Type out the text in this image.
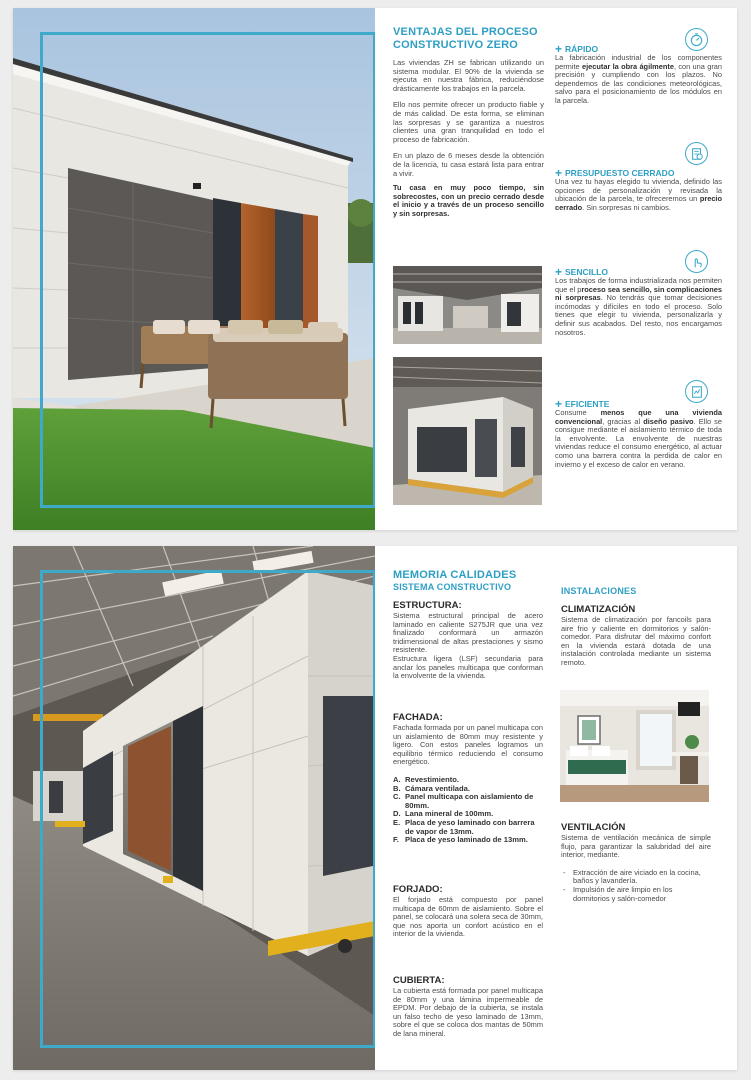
VENTAJAS DEL PROCESO
CONSTRUCTIVO ZERO

Las viviendas ZH se fabrican utilizando un sistema modular. El 90% de la vivienda se ejecuta en nuestra fábrica, reduciéndose drásticamente los trabajos en la parcela.

Ello nos permite ofrecer un producto fiable y de más calidad. De esta forma, se eliminan las sorpresas y se garantiza a nuestros clientes una gran tranquilidad en todo el proceso de fabricación.

En un plazo de 6 meses desde la obtención de la licencia, tu casa estará lista para entrar a vivir.

Tu casa en muy poco tiempo, sin sobrecostes, con un precio cerrado desde el inicio y a través de un proceso sencillo y sin sorpresas.

+ RÁPIDO

La fabricación industrial de los componentes permite ejecutar la obra ágilmente, con una gran precisión y cumpliendo con los plazos. No dependemos de las condiciones meteorológicas, salvo para el posicionamiento de los módulos en la parcela.

+ PRESUPUESTO CERRADO

Una vez tu hayas elegido tu vivienda, definido las opciones de personalización y revisada la ubicación de la parcela, te ofreceremos un precio cerrado. Sin sorpresas ni cambios.

+ SENCILLO

Los trabajos de forma industrializada nos permiten que el proceso sea sencillo, sin complicaciones ni sorpresas. No tendrás que tomar decisiones incómodas y difíciles en todo el proceso. Solo tienes que elegir tu vivienda, personalizarla y definir sus acabados. Del resto, nos encargamos nosotros.

+ EFICIENTE

Consume menos que una vivienda convencional, gracias al diseño pasivo. Ello se consigue mediante el aislamiento térmico de toda la envolvente. La envolvente de nuestras viviendas reduce el consumo energético, al actuar como una barrera contra la perdida de calor en invierno y el exceso de calor en verano.

MEMORIA CALIDADES
SISTEMA CONSTRUCTIVO
ESTRUCTURA:

Sistema estructural principal de acero laminado en caliente S275JR que una vez finalizado conformará un armazón tridimensional de altas prestaciones y sismo resistente.

Estructura ligera (LSF) secundaria para anclar los paneles multicapa que conforman la envolvente de la vivienda.

FACHADA:

Fachada formada por un panel multicapa con un aislamiento de 80mm muy resistente y ligero. Con estos paneles logramos un equilibrio térmico reduciendo el consumo energético.

A. Revestimiento.
B. Cámara ventilada.
C. Panel multicapa con aislamiento de 80mm.
D. Lana mineral de 100mm.
E. Placa de yeso laminado con barrera de vapor de 13mm.
F. Placa de yeso laminado de 13mm.
FORJADO:

El forjado está compuesto por panel multicapa de 60mm de aislamiento. Sobre el panel, se colocará una solera seca de 30mm, que nos aporta un confort acústico en el interior de la vivienda.

CUBIERTA:

La cubierta está formada por panel multicapa de 80mm y una lámina impermeable de EPDM. Por debajo de la cubierta, se instala un falso techo de yeso laminado de 13mm, sobre el que se coloca dos mantas de 50mm de lana mineral.

INSTALACIONES
CLIMATIZACIÓN

Sistema de climatización por fancoils para aire frio y caliente en dormitorios y salón-comedor. Para disfrutar del máximo confort en la vivienda estará dotada de una instalación controlada mediante un sistema remoto.

VENTILACIÓN

Sistema de ventilación mecánica de simple flujo, para garantizar la salubridad del aire interior, mediante.

-	Extracción de aire viciado en la cocina, baños y lavandería.
-	Impulsión de aire limpio en los dormitorios y salón-comedor
